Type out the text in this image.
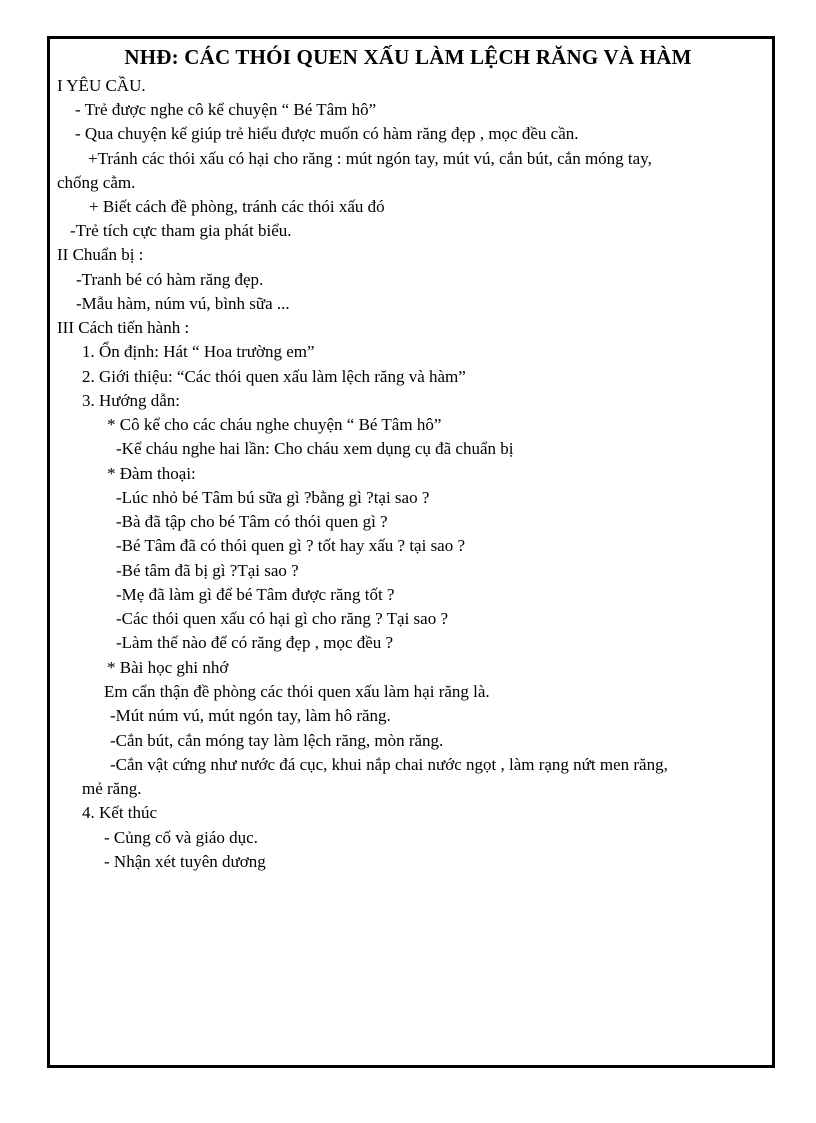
NHĐ: CÁC THÓI QUEN XẤU LÀM LỆCH RĂNG VÀ HÀM
I YÊU CẦU.
- Trẻ được nghe cô kể chuyện “ Bé Tâm hô”
- Qua chuyện kể giúp trẻ hiểu được muốn có hàm răng đẹp , mọc đều cần.
+Tránh các thói xấu có hại cho răng : mút ngón tay, mút vú, cắn bút, cắn móng tay,
chống cằm.
+ Biết cách đề phòng, tránh các thói xấu đó
-Trẻ tích cực tham gia phát biểu.
II Chuẩn bị :
-Tranh bé có hàm răng đẹp.
-Mẫu hàm, núm vú, bình sữa ...
III Cách tiến hành :
1. Ổn định: Hát “ Hoa trường em”
2. Giới thiệu: “Các thói quen xấu làm lệch răng và hàm”
3. Hướng dẫn:
* Cô kể cho các cháu nghe chuyện “ Bé Tâm hô”
-Kể cháu nghe hai lần: Cho cháu xem dụng cụ đã chuẩn bị
* Đàm thoại:
-Lúc nhỏ bé Tâm bú sữa gì ?bằng gì ?tại sao ?
-Bà đã tập cho bé Tâm có thói quen gì ?
-Bé Tâm đã có thói quen gì ? tốt hay xấu ? tại sao ?
-Bé tâm đã bị gì ?Tại sao ?
-Mẹ đã làm gì để bé Tâm được răng tốt ?
-Các thói quen xấu có hại gì cho răng ? Tại sao ?
-Làm thế nào để có răng đẹp , mọc đều ?
* Bài học ghi nhớ
Em cẩn thận đề phòng các thói quen xấu làm hại răng là.
-Mút núm vú, mút ngón tay, làm hô răng.
-Cắn bút, cắn móng tay làm lệch răng, mòn răng.
-Cắn vật cứng như nước đá cục, khui nắp chai nước ngọt , làm rạng nứt men răng,
mẻ răng.
4. Kết thúc
- Củng cố và giáo dục.
- Nhận xét tuyên dương
